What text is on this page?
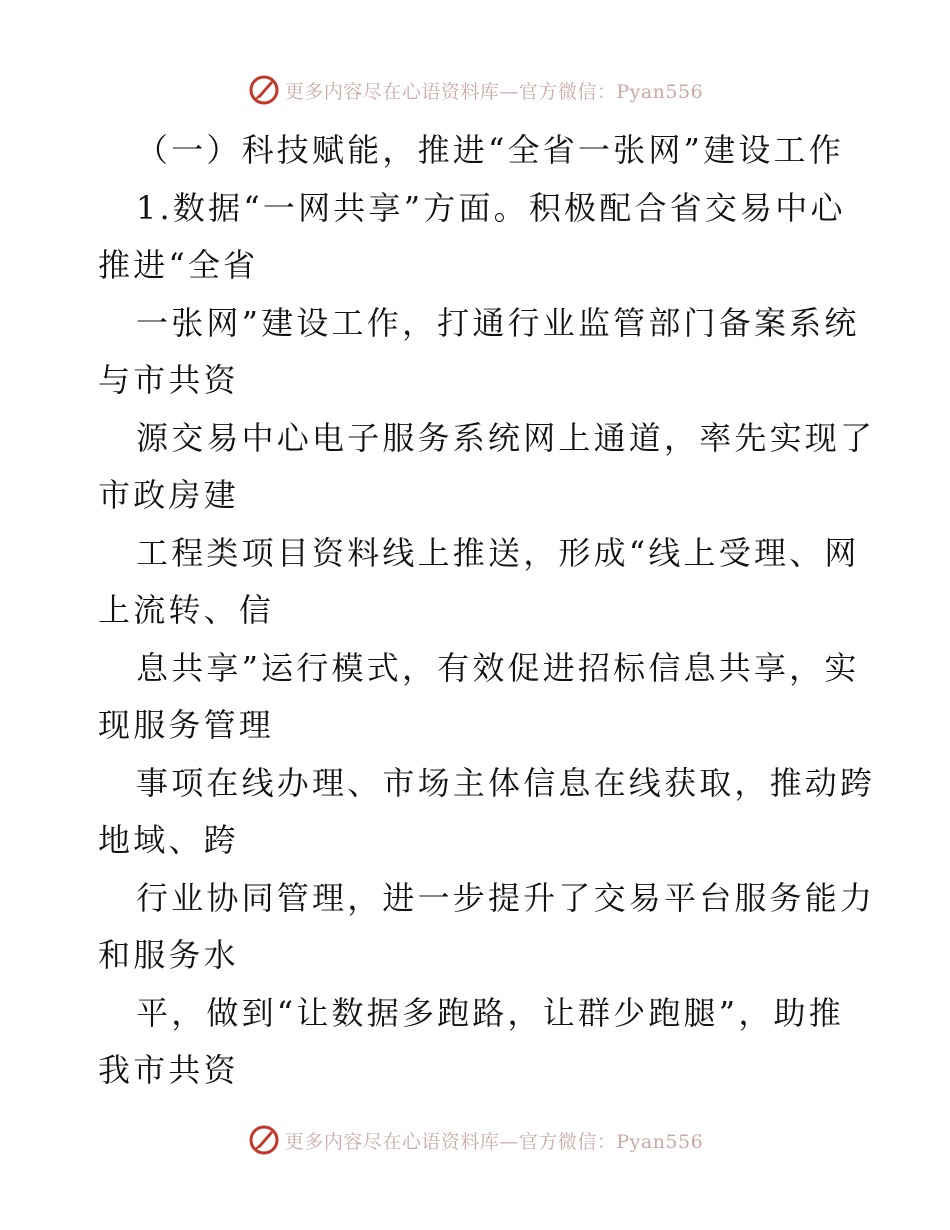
更多内容尽在心语资料库—官方微信：Pyan556
（一）科技赋能，推进“全省一张网”建设工作
1.数据“一网共享”方面。积极配合省交易中心
推进“全省
一张网”建设工作，打通行业监管部门备案系统
与市共资
源交易中心电子服务系统网上通道，率先实现了
市政房建
工程类项目资料线上推送，形成“线上受理、网
上流转、信
息共享”运行模式，有效促进招标信息共享，实
现服务管理
事项在线办理、市场主体信息在线获取，推动跨
地域、跨
行业协同管理，进一步提升了交易平台服务能力
和服务水
平，做到“让数据多跑路，让群少跑腿”，助推
我市共资
更多内容尽在心语资料库—官方微信：Pyan556
